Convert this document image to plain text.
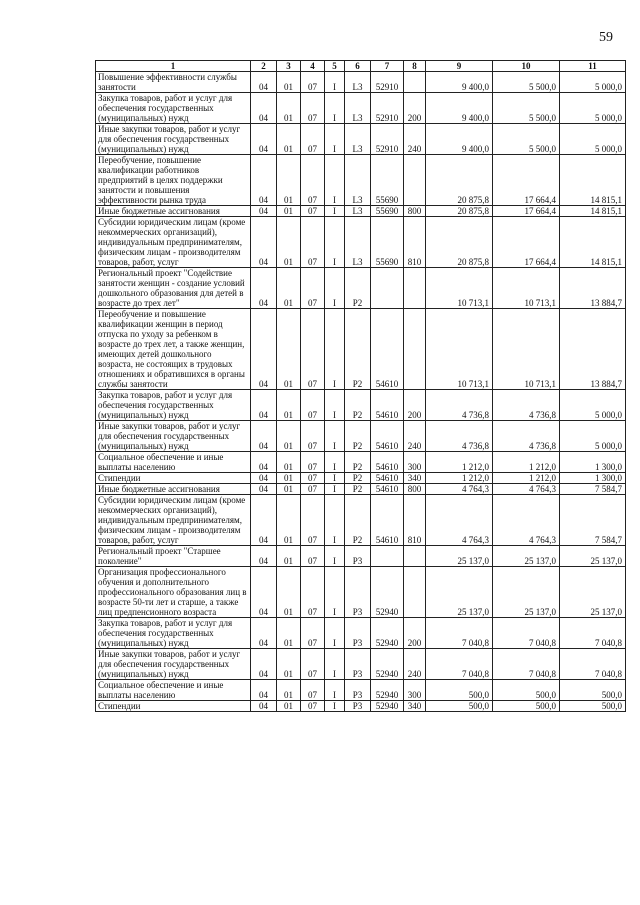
59
1	2	3	4	5	6	7	8	9	10	11
Повышение эффективности службы занятости	04	01	07	I	L3	52910		9 400,0	5 500,0	5 000,0
Закупка товаров, работ и услуг для обеспечения государственных (муниципальных) нужд	04	01	07	I	L3	52910	200	9 400,0	5 500,0	5 000,0
Иные закупки товаров, работ и услуг для обеспечения государственных (муниципальных) нужд	04	01	07	I	L3	52910	240	9 400,0	5 500,0	5 000,0
Переобучение, повышение квалификации работников предприятий в целях поддержки занятости и повышения эффективности рынка труда	04	01	07	I	L3	55690		20 875,8	17 664,4	14 815,1
Иные бюджетные ассигнования	04	01	07	I	L3	55690	800	20 875,8	17 664,4	14 815,1
Субсидии юридическим лицам (кроме некоммерческих организаций), индивидуальным предпринимателям, физическим лицам - производителям товаров, работ, услуг	04	01	07	I	L3	55690	810	20 875,8	17 664,4	14 815,1
Региональный проект "Содействие занятости женщин - создание условий дошкольного образования для детей в возрасте до трех лет"	04	01	07	I	P2			10 713,1	10 713,1	13 884,7
Переобучение и повышение квалификации женщин в период отпуска по уходу за ребенком в возрасте до трех лет, а также женщин, имеющих детей дошкольного возраста, не состоящих в трудовых отношениях и обратившихся в органы службы занятости	04	01	07	I	P2	54610		10 713,1	10 713,1	13 884,7
Закупка товаров, работ и услуг для обеспечения государственных (муниципальных) нужд	04	01	07	I	P2	54610	200	4 736,8	4 736,8	5 000,0
Иные закупки товаров, работ и услуг для обеспечения государственных (муниципальных) нужд	04	01	07	I	P2	54610	240	4 736,8	4 736,8	5 000,0
Социальное обеспечение и иные выплаты населению	04	01	07	I	P2	54610	300	1 212,0	1 212,0	1 300,0
Стипендии	04	01	07	I	P2	54610	340	1 212,0	1 212,0	1 300,0
Иные бюджетные ассигнования	04	01	07	I	P2	54610	800	4 764,3	4 764,3	7 584,7
Субсидии юридическим лицам (кроме некоммерческих организаций), индивидуальным предпринимателям, физическим лицам - производителям товаров, работ, услуг	04	01	07	I	P2	54610	810	4 764,3	4 764,3	7 584,7
Региональный проект "Старшее поколение"	04	01	07	I	P3			25 137,0	25 137,0	25 137,0
Организация профессионального обучения и дополнительного профессионального образования лиц в возрасте 50-ти лет и старше, а также лиц предпенсионного возраста	04	01	07	I	P3	52940		25 137,0	25 137,0	25 137,0
Закупка товаров, работ и услуг для обеспечения государственных (муниципальных) нужд	04	01	07	I	P3	52940	200	7 040,8	7 040,8	7 040,8
Иные закупки товаров, работ и услуг для обеспечения государственных (муниципальных) нужд	04	01	07	I	P3	52940	240	7 040,8	7 040,8	7 040,8
Социальное обеспечение и иные выплаты населению	04	01	07	I	P3	52940	300	500,0	500,0	500,0
Стипендии	04	01	07	I	P3	52940	340	500,0	500,0	500,0
